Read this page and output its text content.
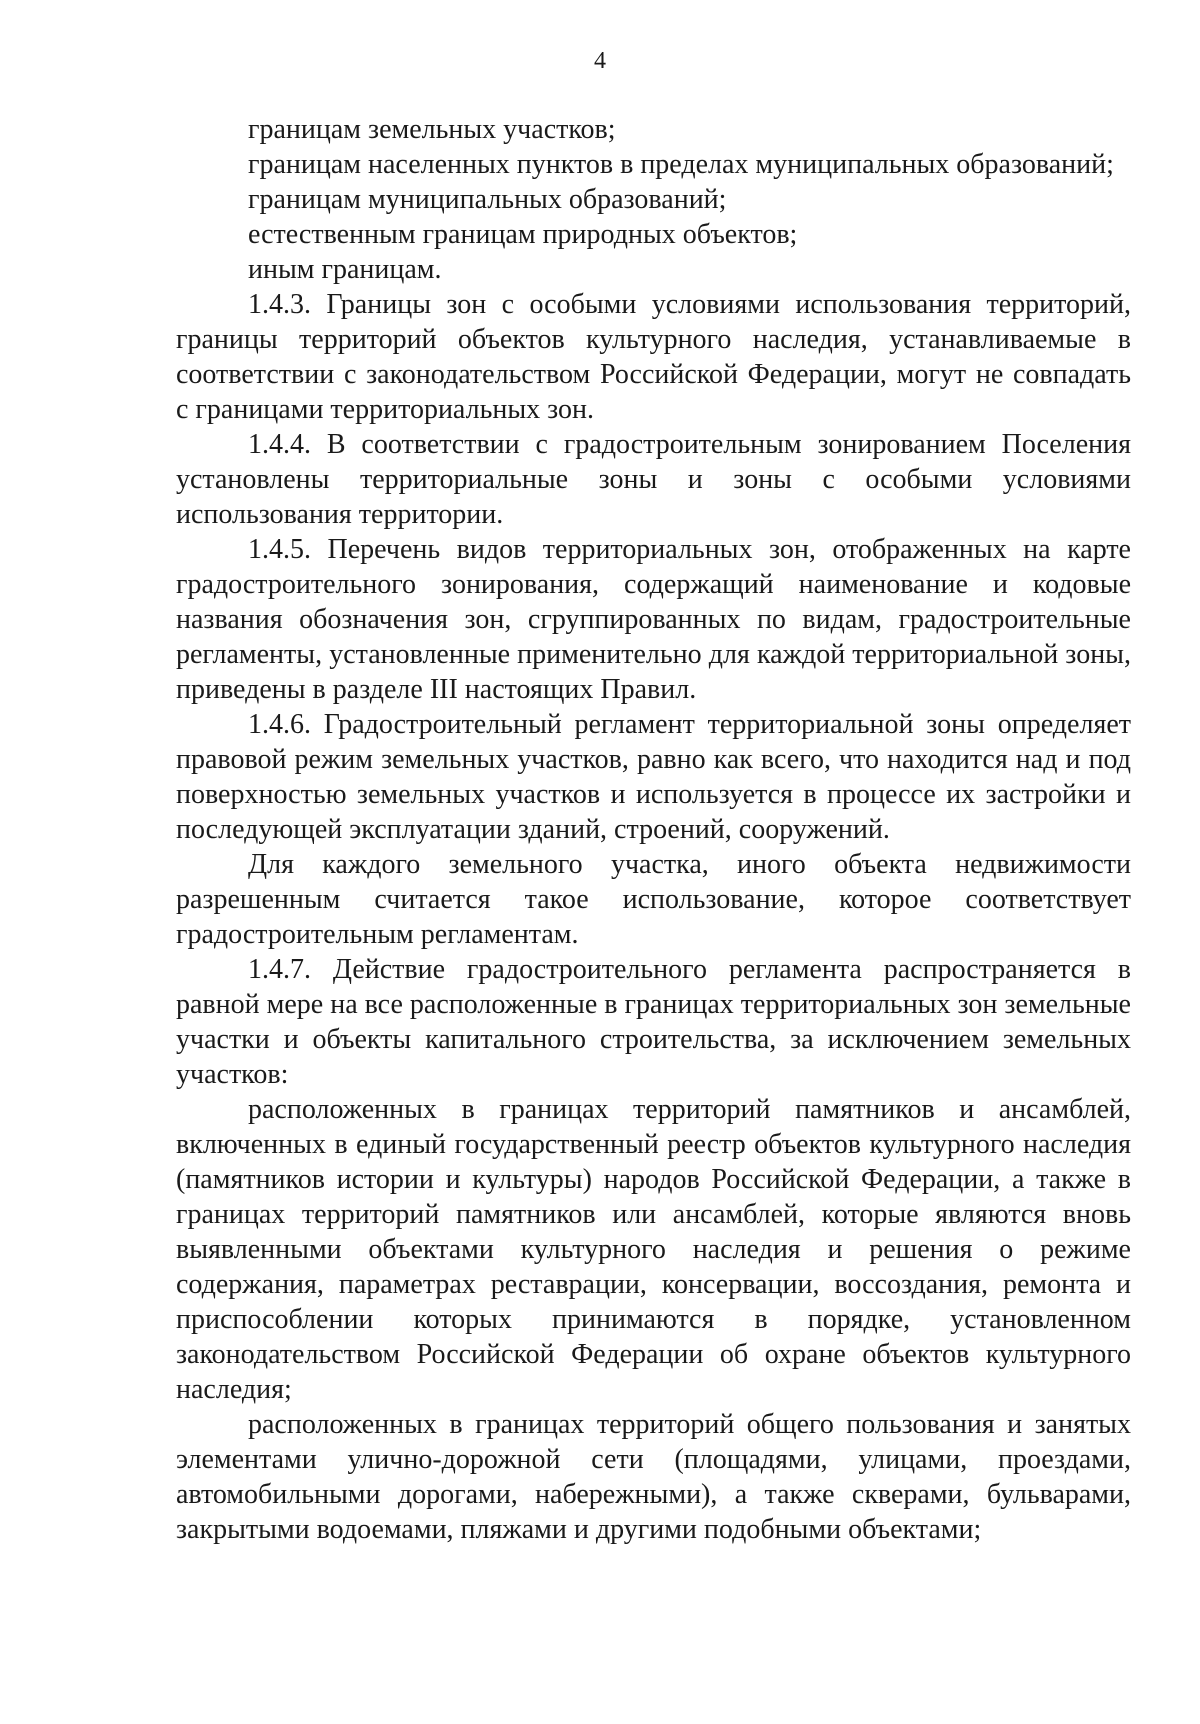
4

границам земельных участков;

границам населенных пунктов в пределах муниципальных образований;

границам муниципальных образований;

естественным границам природных объектов;

иным границам.

1.4.3. Границы зон с особыми условиями использования территорий, границы территорий объектов культурного наследия, устанавливаемые в соответствии с законодательством Российской Федерации, могут не совпадать с границами территориальных зон.

1.4.4. В соответствии с градостроительным зонированием Поселения установлены территориальные зоны и зоны с особыми условиями использования территории.

1.4.5. Перечень видов территориальных зон, отображенных на карте градостроительного зонирования, содержащий наименование и кодовые названия обозначения зон, сгруппированных по видам, градостроительные регламенты, установленные применительно для каждой территориальной зоны, приведены в разделе III настоящих Правил.

1.4.6. Градостроительный регламент территориальной зоны определяет правовой режим земельных участков, равно как всего, что находится над и под поверхностью земельных участков и используется в процессе их застройки и последующей эксплуатации зданий, строений, сооружений.

Для каждого земельного участка, иного объекта недвижимости разрешенным считается такое использование, которое соответствует градостроительным регламентам.

1.4.7. Действие градостроительного регламента распространяется в равной мере на все расположенные в границах территориальных зон земельные участки и объекты капитального строительства, за исключением земельных участков:

расположенных в границах территорий памятников и ансамблей, включенных в единый государственный реестр объектов культурного наследия (памятников истории и культуры) народов Российской Федерации, а также в границах территорий памятников или ансамблей, которые являются вновь выявленными объектами культурного наследия и решения о режиме содержания, параметрах реставрации, консервации, воссоздания, ремонта и приспособлении которых принимаются в порядке, установленном законодательством Российской Федерации об охране объектов культурного наследия;

расположенных в границах территорий общего пользования и занятых элементами улично-дорожной сети (площадями, улицами, проездами, автомобильными дорогами, набережными), а также скверами, бульварами, закрытыми водоемами, пляжами и другими подобными объектами;
